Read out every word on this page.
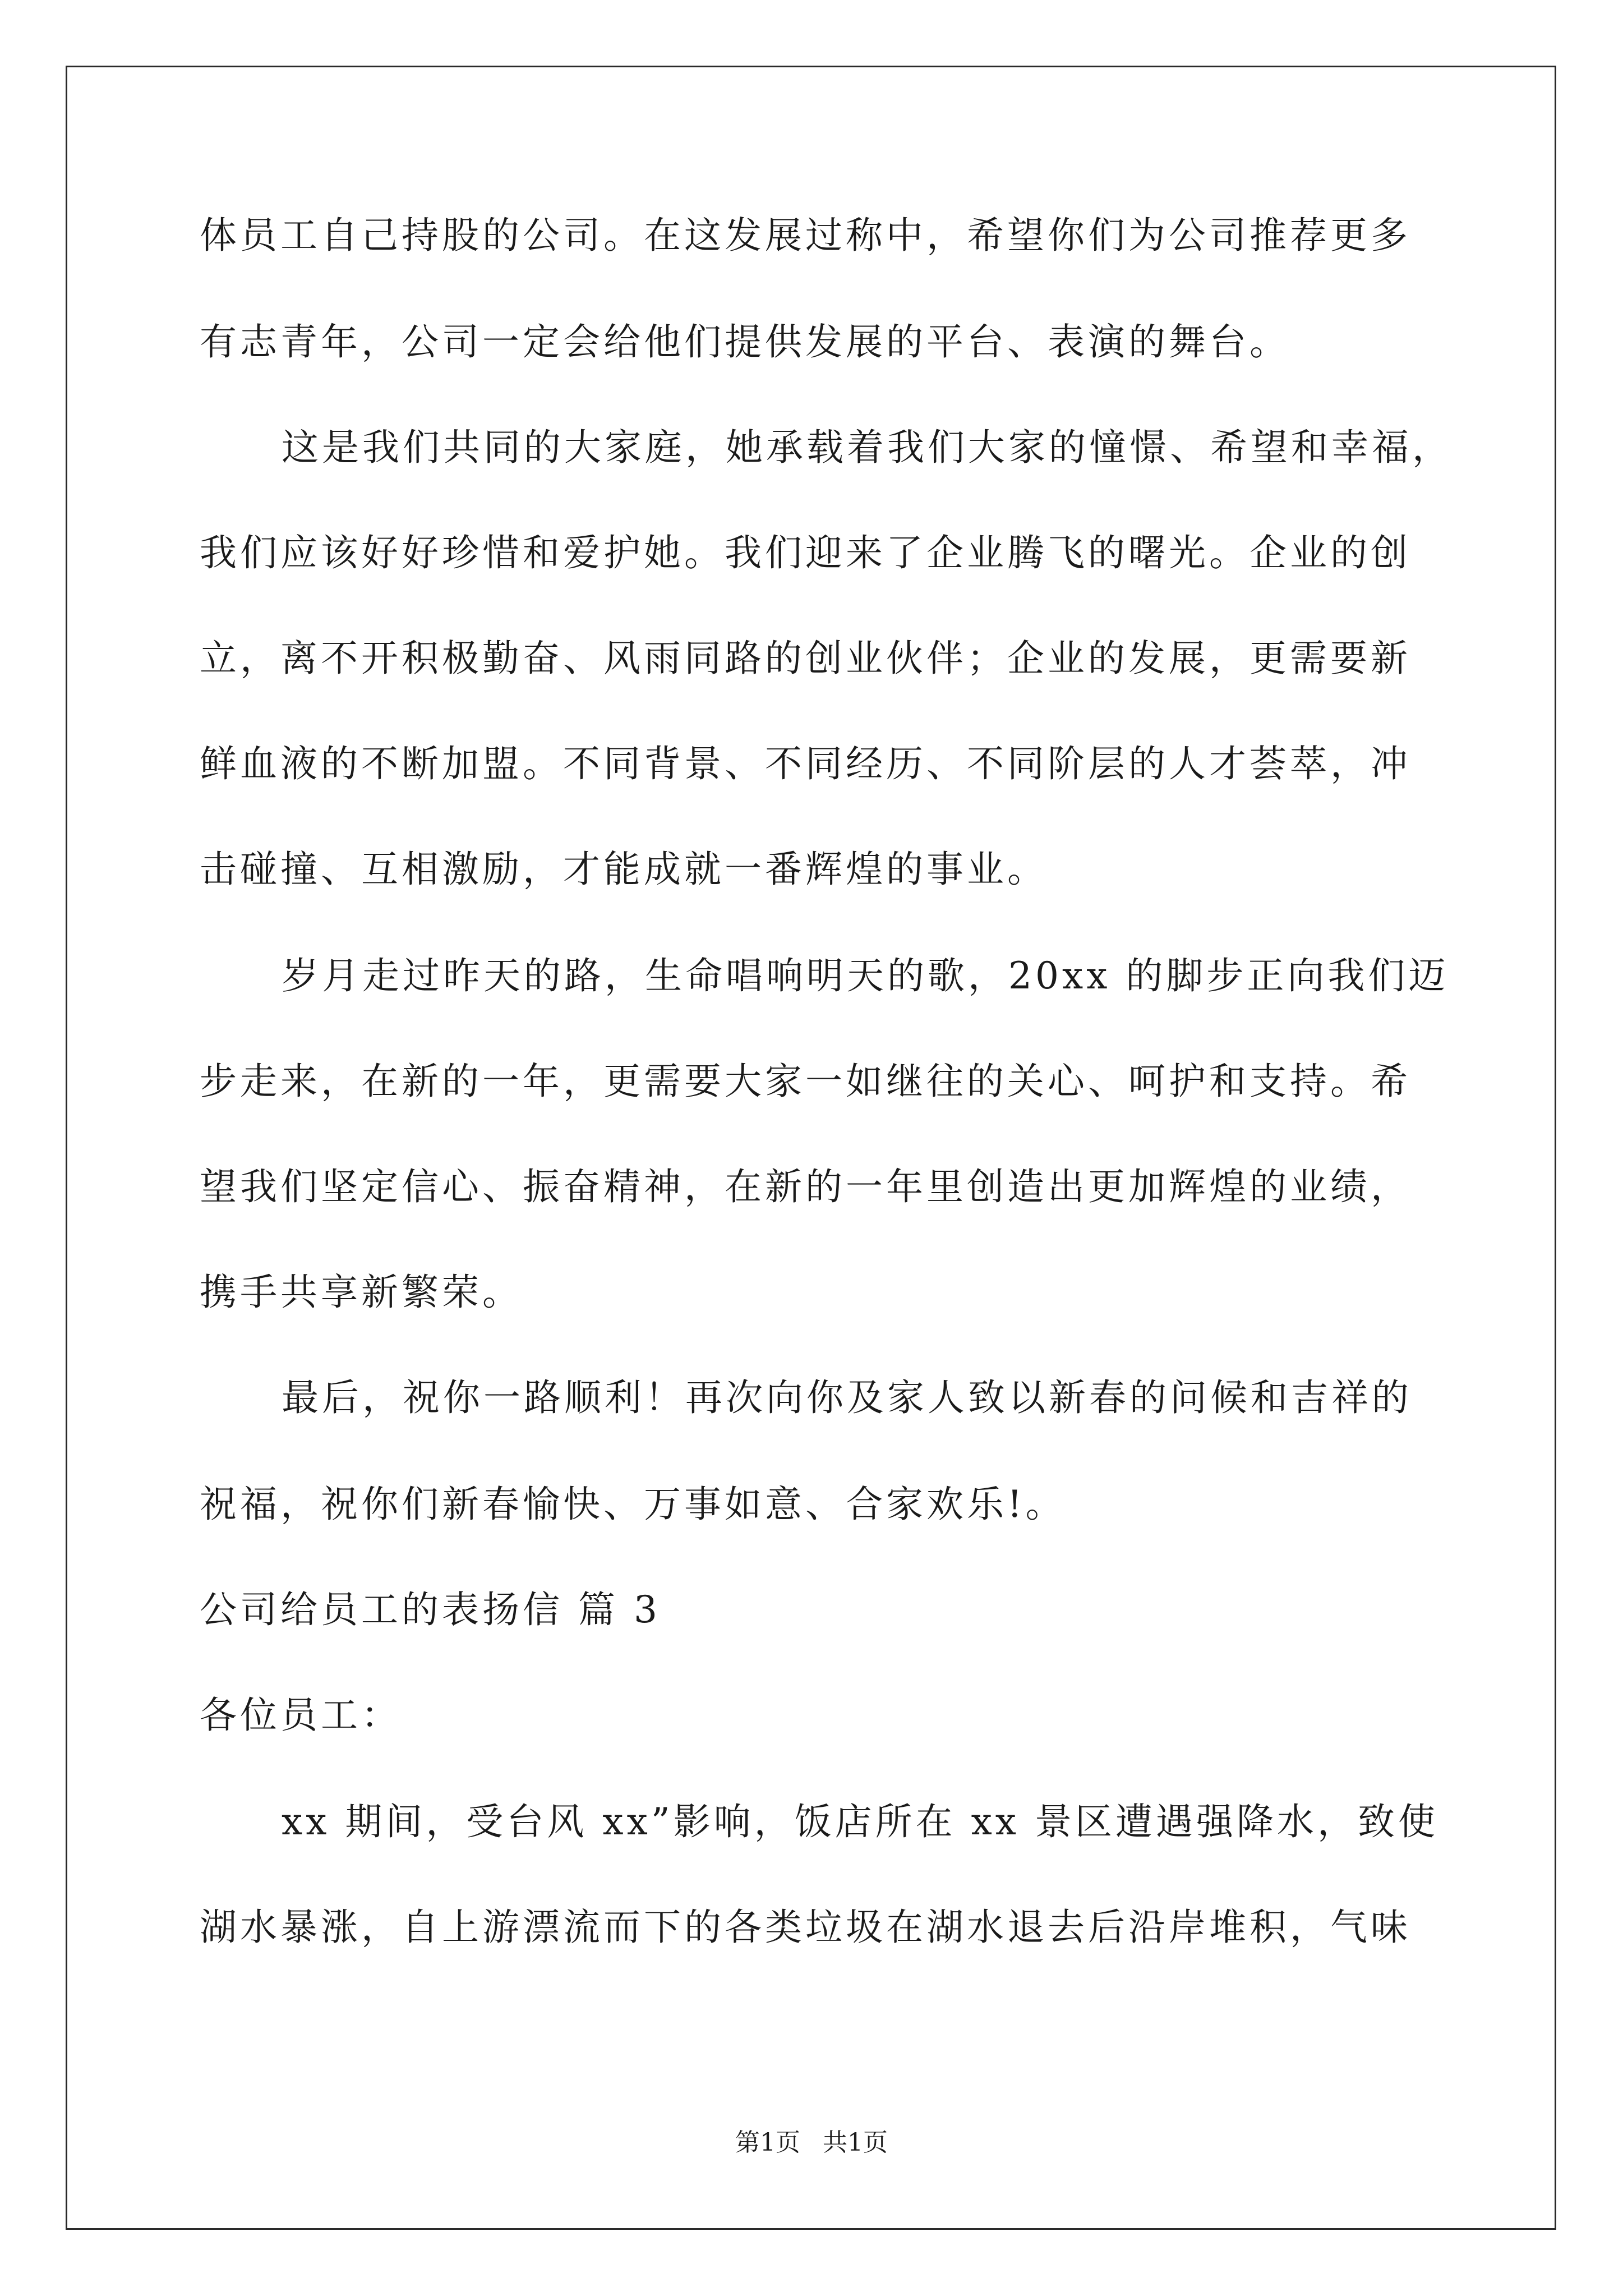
体员工自己持股的公司。在这发展过称中，希望你们为公司推荐更多
有志青年，公司一定会给他们提供发展的平台、表演的舞台。
这是我们共同的大家庭，她承载着我们大家的憧憬、希望和幸福，
我们应该好好珍惜和爱护她。我们迎来了企业腾飞的曙光。企业的创
立，离不开积极勤奋、风雨同路的创业伙伴；企业的发展，更需要新
鲜血液的不断加盟。不同背景、不同经历、不同阶层的人才荟萃，冲
击碰撞、互相激励，才能成就一番辉煌的事业。
岁月走过昨天的路，生命唱响明天的歌，20xx 的脚步正向我们迈
步走来，在新的一年，更需要大家一如继往的关心、呵护和支持。希
望我们坚定信心、振奋精神，在新的一年里创造出更加辉煌的业绩，
携手共享新繁荣。
最后，祝你一路顺利！再次向你及家人致以新春的问候和吉祥的
祝福，祝你们新春愉快、万事如意、合家欢乐!。
公司给员工的表扬信 篇 3
各位员工：
xx 期间，受台风 xx”影响，饭店所在 xx 景区遭遇强降水，致使
湖水暴涨，自上游漂流而下的各类垃圾在湖水退去后沿岸堆积，气味
第1页 共1页
